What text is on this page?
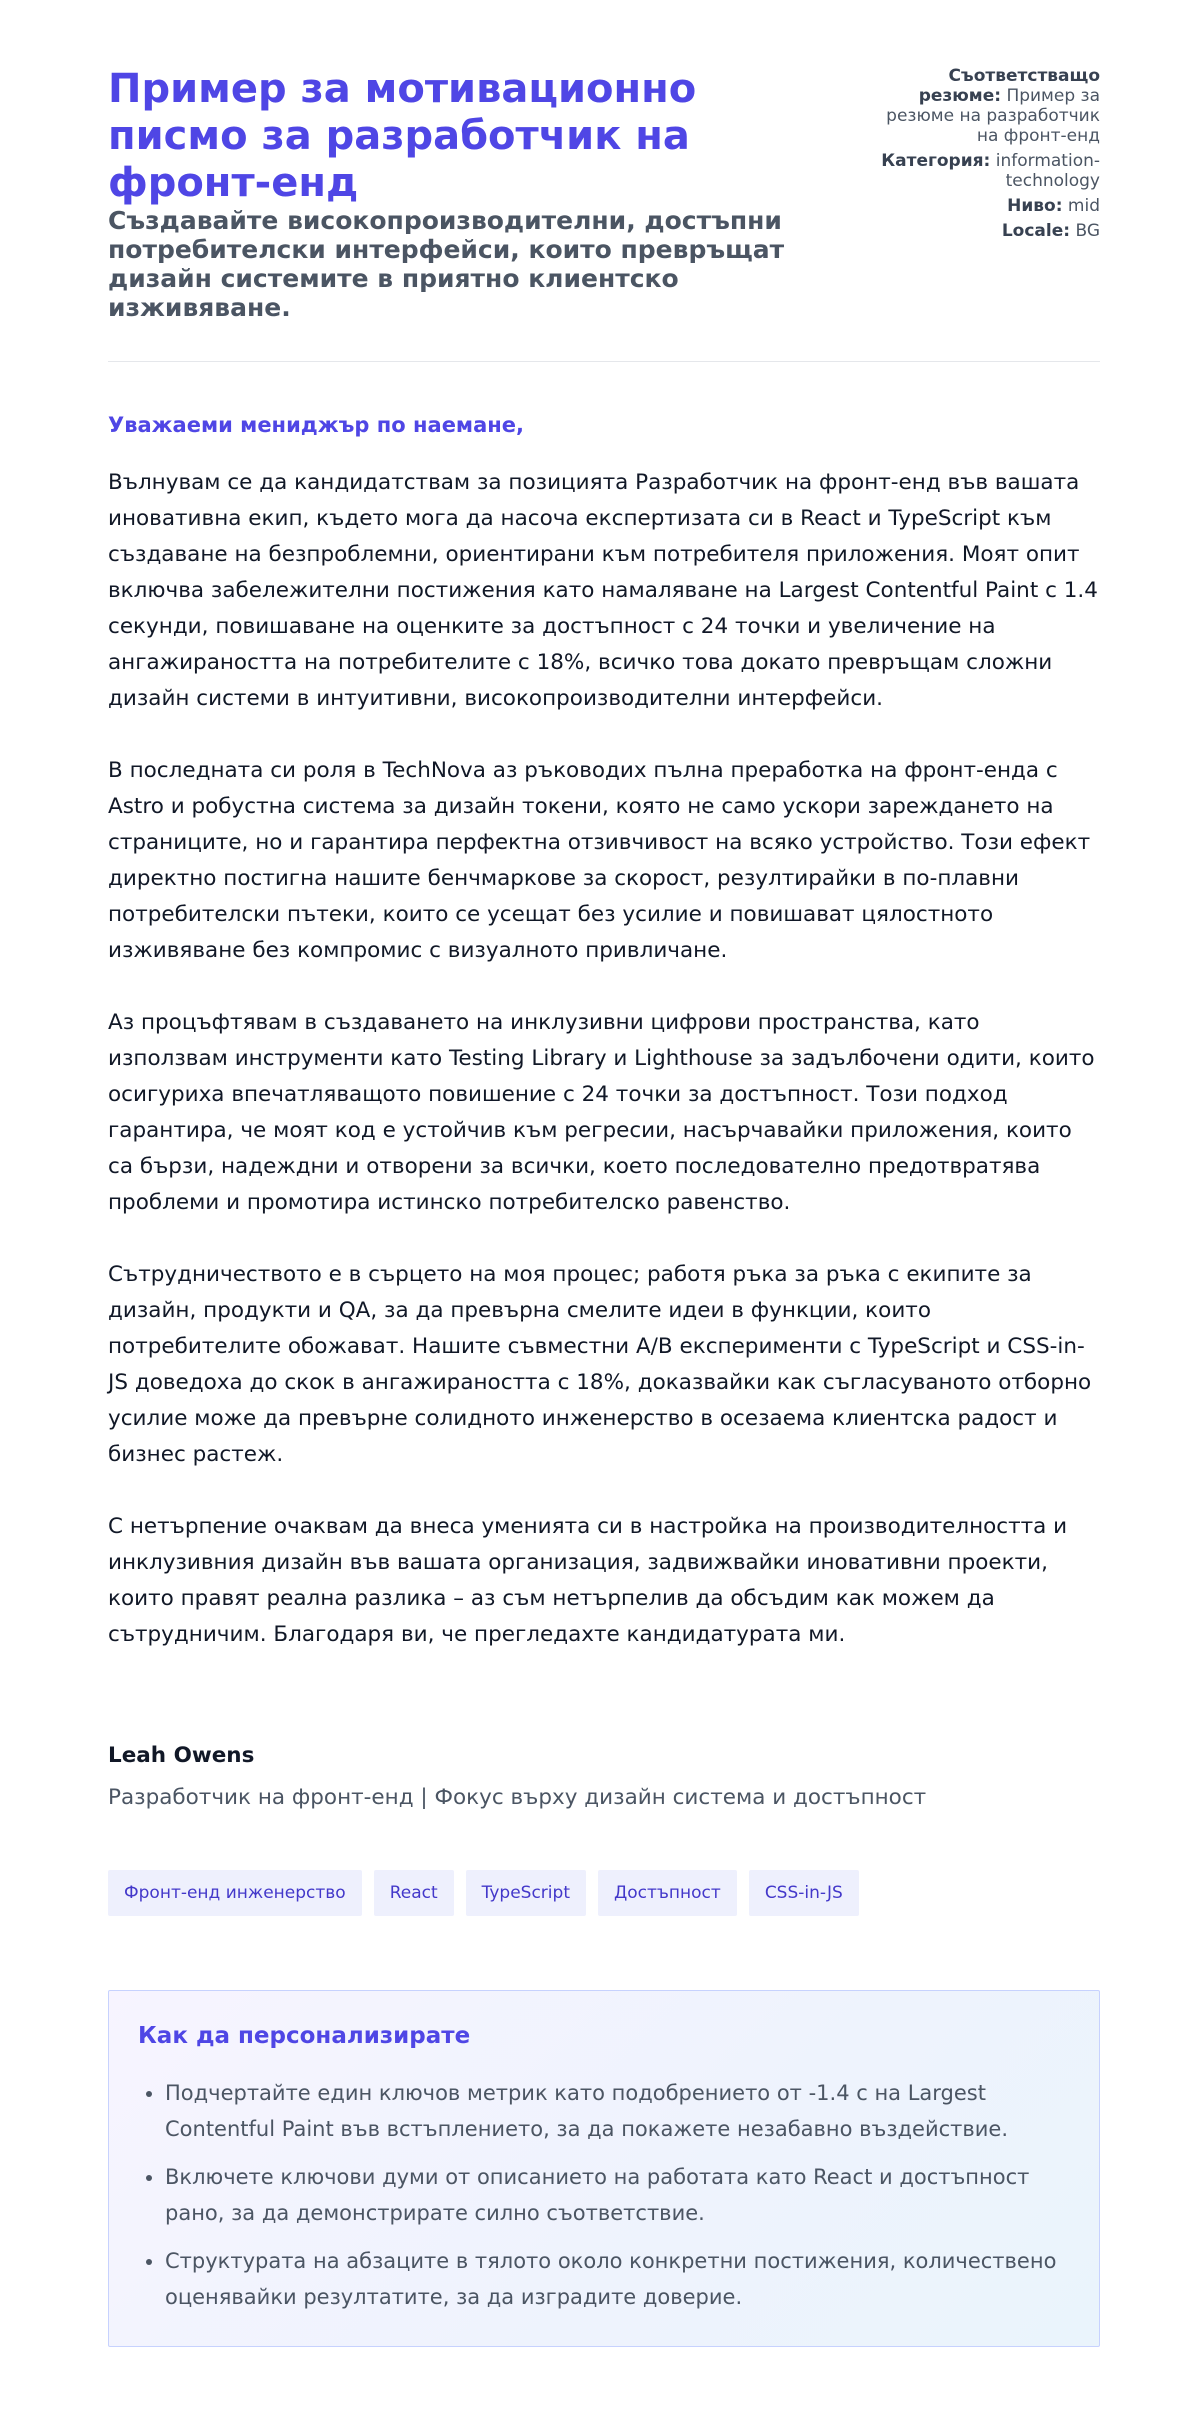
Пример за мотивационно писмо за разработчик на фронт-енд
Създавайте високопроизводителни, достъпни потребителски интерфейси, които превръщат дизайн системите в приятно клиентско изживяване.
Съответстващо резюме: Пример за резюме на разработчик на фронт-енд
Категория: information-technology
Ниво: mid
Locale: BG

Уважаеми мениджър по наемане,

Вълнувам се да кандидатствам за позицията Разработчик на фронт-енд във вашата иновативна екип, където мога да насоча експертизата си в React и TypeScript към създаване на безпроблемни, ориентирани към потребителя приложения. Моят опит включва забележителни постижения като намаляване на Largest Contentful Paint с 1.4 секунди, повишаване на оценките за достъпност с 24 точки и увеличение на ангажираността на потребителите с 18%, всичко това докато превръщам сложни дизайн системи в интуитивни, високопроизводителни интерфейси.

В последната си роля в TechNova аз ръководих пълна преработка на фронт-енда с Astro и робустна система за дизайн токени, която не само ускори зареждането на страниците, но и гарантира перфектна отзивчивост на всяко устройство. Този ефект директно постигна нашите бенчмаркове за скорост, резултирайки в по-плавни потребителски пътеки, които се усещат без усилие и повишават цялостното изживяване без компромис с визуалното привличане.

Аз процъфтявам в създаването на инклузивни цифрови пространства, като използвам инструменти като Testing Library и Lighthouse за задълбочени одити, които осигуриха впечатляващото повишение с 24 точки за достъпност. Този подход гарантира, че моят код е устойчив към регресии, насърчавайки приложения, които са бързи, надеждни и отворени за всички, което последователно предотвратява проблеми и промотира истинско потребителско равенство.

Сътрудничеството е в сърцето на моя процес; работя ръка за ръка с екипите за дизайн, продукти и QA, за да превърна смелите идеи в функции, които потребителите обожават. Нашите съвместни A/B експерименти с TypeScript и CSS-in-JS доведоха до скок в ангажираността с 18%, доказвайки как съгласуваното отборно усилие може да превърне солидното инженерство в осезаема клиентска радост и бизнес растеж.

С нетърпение очаквам да внеса уменията си в настройка на производителността и инклузивния дизайн във вашата организация, задвижвайки иновативни проекти, които правят реална разлика – аз съм нетърпелив да обсъдим как можем да сътрудничим. Благодаря ви, че прегледахте кандидатурата ми.

Leah Owens

Разработчик на фронт-енд | Фокус върху дизайн система и достъпност

Фронт-енд инженерство	React	TypeScript	Достъпност	CSS-in-JS
Как да персонализирате
• Подчертайте един ключов метрик като подобрението от -1.4 с на Largest Contentful Paint във встъплението, за да покажете незабавно въздействие.
• Включете ключови думи от описанието на работата като React и достъпност рано, за да демонстрирате силно съответствие.
• Структурата на абзаците в тялото около конкретни постижения, количествено оценявайки резултатите, за да изградите доверие.
